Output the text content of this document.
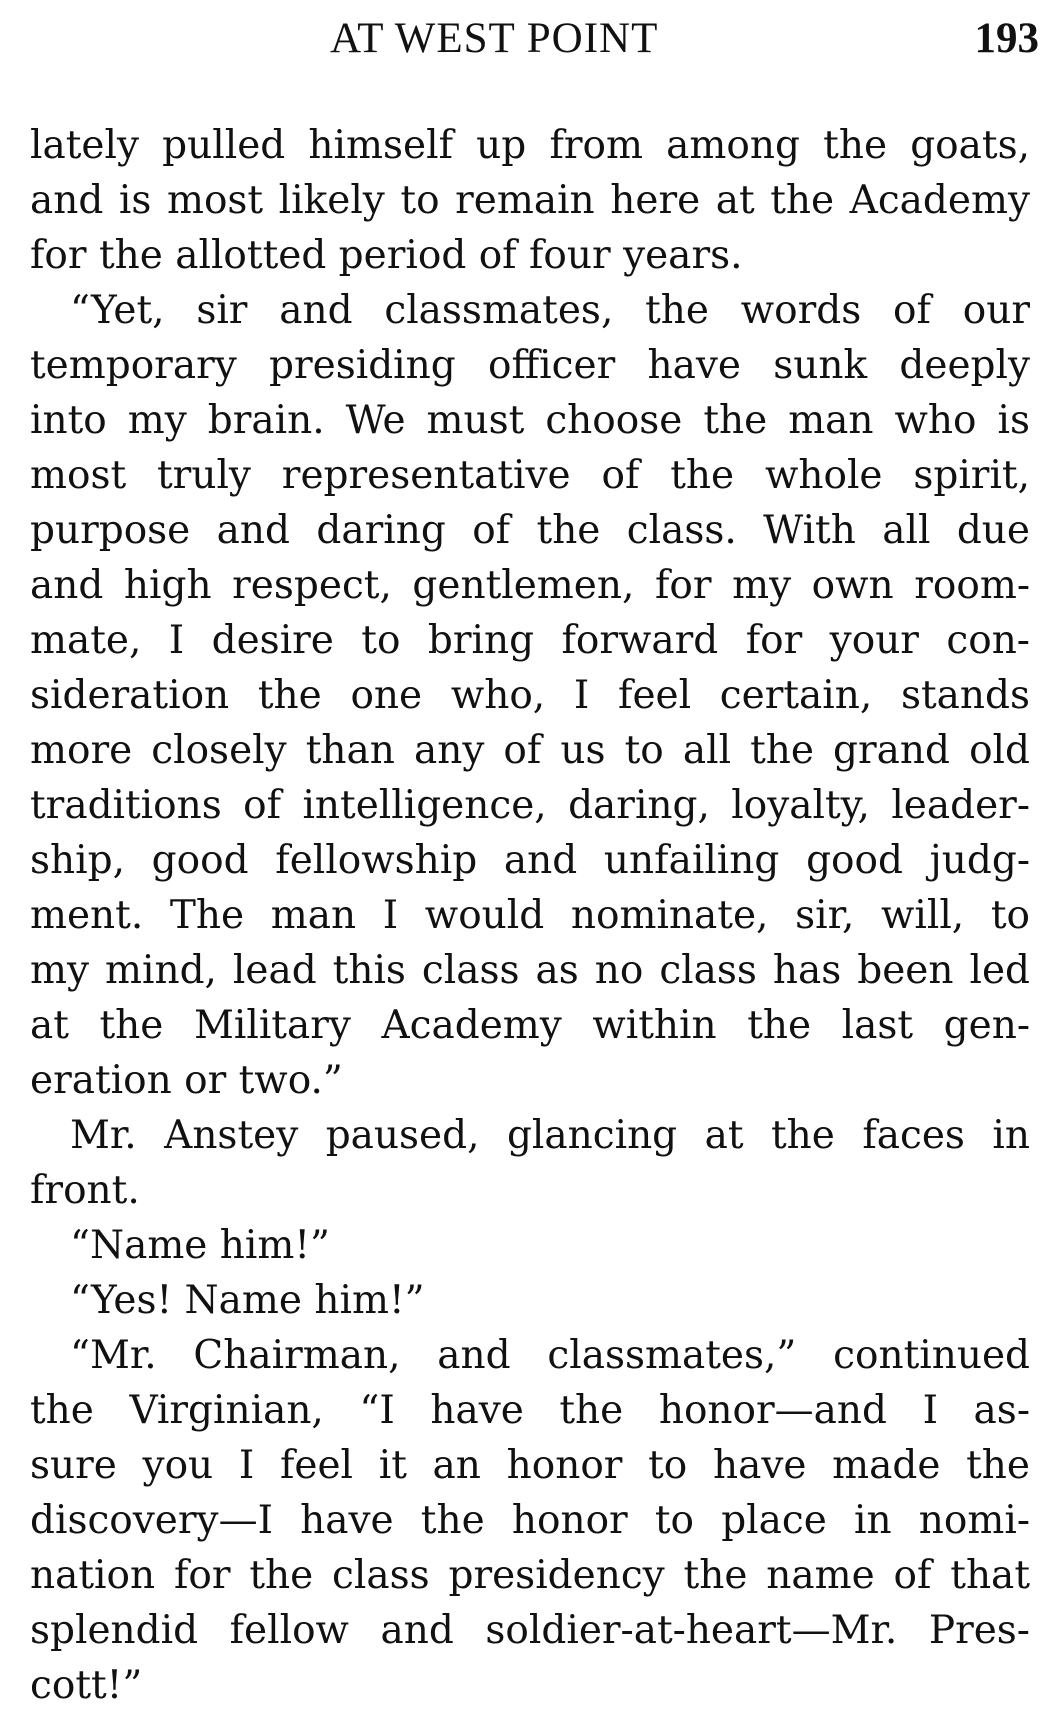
AT WEST POINT	193
lately pulled himself up from among the goats,
and is most likely to remain here at the Academy
for the allotted period of four years.
“Yet, sir and classmates, the words of our
temporary presiding officer have sunk deeply
into my brain. We must choose the man who is
most truly representative of the whole spirit,
purpose and daring of the class. With all due
and high respect, gentlemen, for my own room-
mate, I desire to bring forward for your con-
sideration the one who, I feel certain, stands
more closely than any of us to all the grand old
traditions of intelligence, daring, loyalty, leader-
ship, good fellowship and unfailing good judg-
ment. The man I would nominate, sir, will, to
my mind, lead this class as no class has been led
at the Military Academy within the last gen-
eration or two.”
Mr. Anstey paused, glancing at the faces in
front.
“Name him!”
“Yes! Name him!”
“Mr. Chairman, and classmates,” continued
the Virginian, “I have the honor—and I as-
sure you I feel it an honor to have made the
discovery—I have the honor to place in nomi-
nation for the class presidency the name of that
splendid fellow and soldier-at-heart—Mr. Pres-
cott!”
